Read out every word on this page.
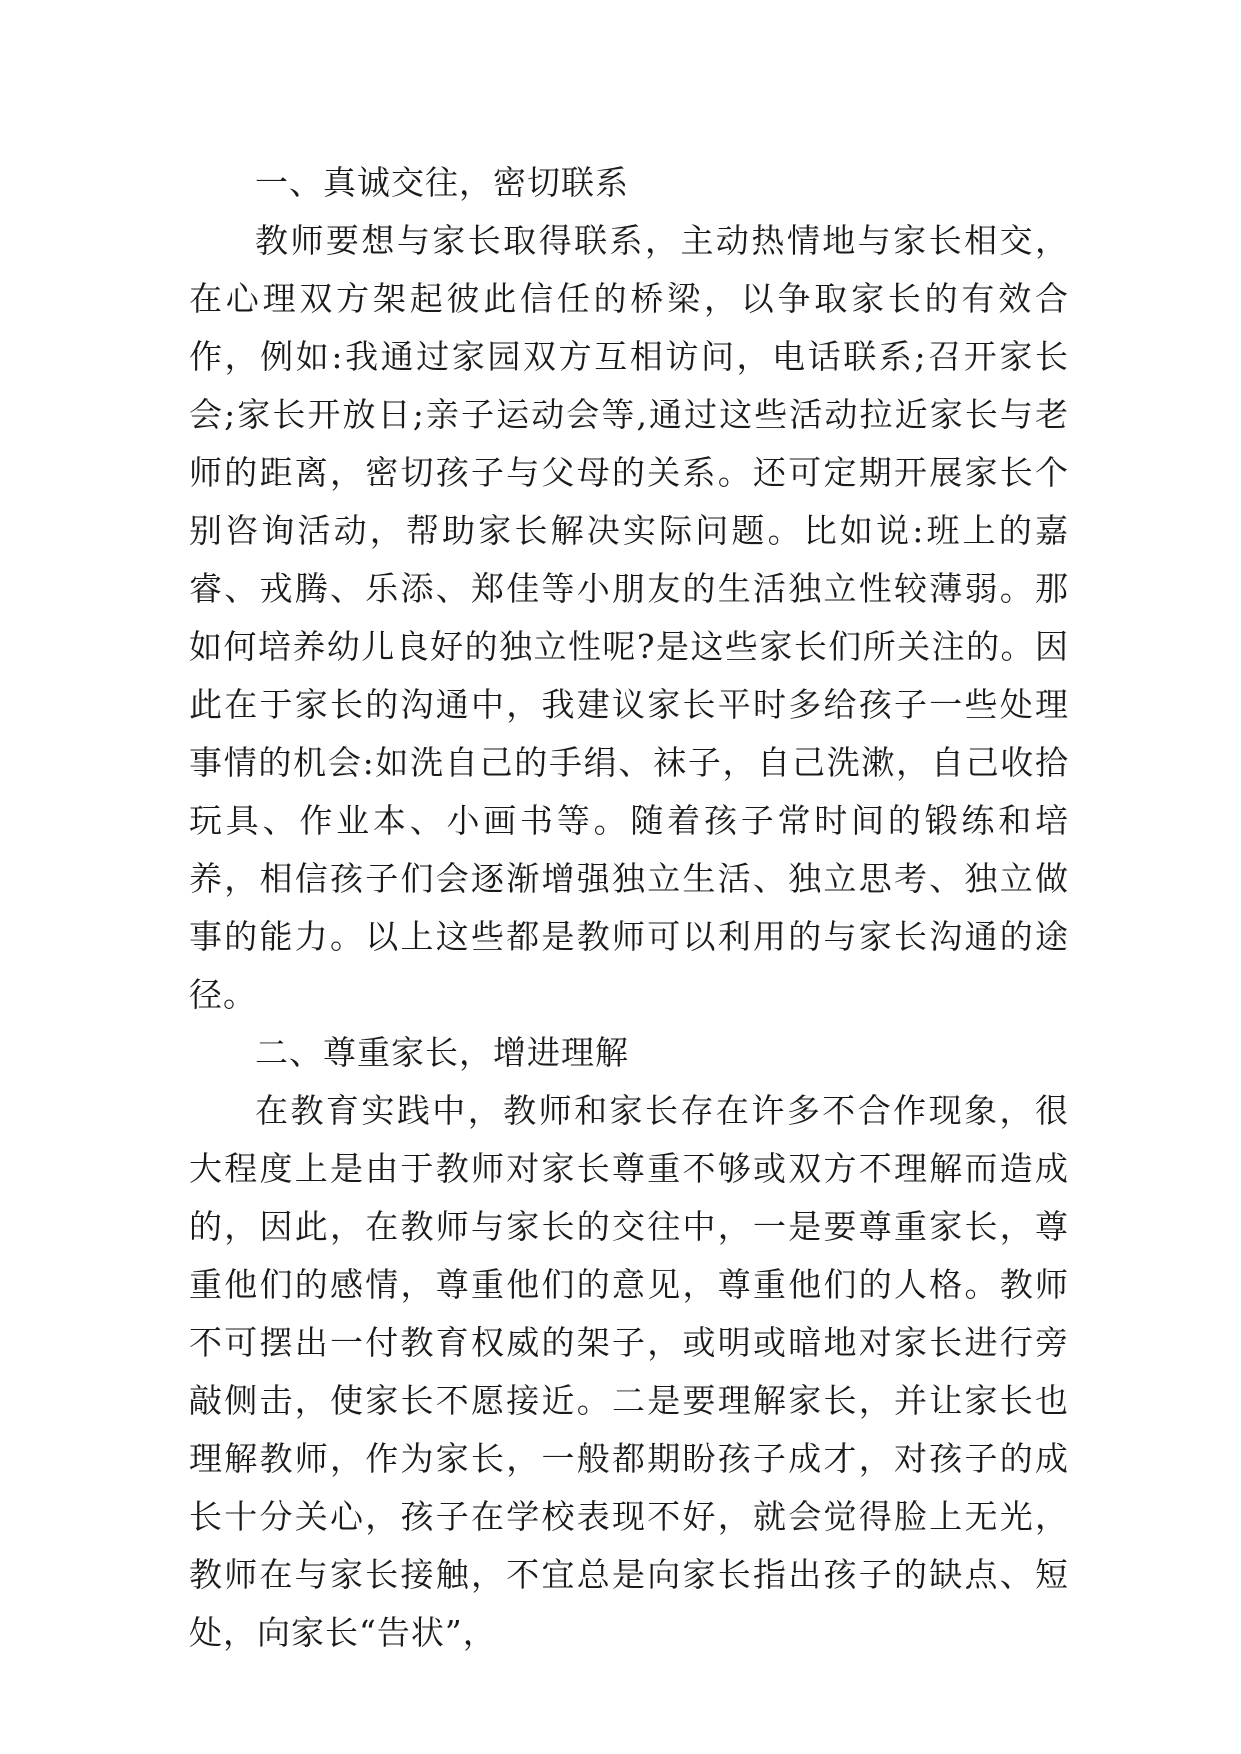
一、真诚交往，密切联系

教师要想与家长取得联系，主动热情地与家长相交，在心理双方架起彼此信任的桥梁，以争取家长的有效合作，例如:我通过家园双方互相访问，电话联系;召开家长会;家长开放日;亲子运动会等,通过这些活动拉近家长与老师的距离，密切孩子与父母的关系。还可定期开展家长个别咨询活动，帮助家长解决实际问题。比如说:班上的嘉睿、戎腾、乐添、郑佳等小朋友的生活独立性较薄弱。那如何培养幼儿良好的独立性呢?是这些家长们所关注的。因此在于家长的沟通中，我建议家长平时多给孩子一些处理事情的机会:如洗自己的手绢、袜子，自己洗漱，自己收拾玩具、作业本、小画书等。随着孩子常时间的锻练和培养，相信孩子们会逐渐增强独立生活、独立思考、独立做事的能力。以上这些都是教师可以利用的与家长沟通的途径。

二、尊重家长，增进理解

在教育实践中，教师和家长存在许多不合作现象，很大程度上是由于教师对家长尊重不够或双方不理解而造成的，因此，在教师与家长的交往中，一是要尊重家长，尊重他们的感情，尊重他们的意见，尊重他们的人格。教师不可摆出一付教育权威的架子，或明或暗地对家长进行旁敲侧击，使家长不愿接近。二是要理解家长，并让家长也理解教师，作为家长，一般都期盼孩子成才，对孩子的成长十分关心，孩子在学校表现不好，就会觉得脸上无光，教师在与家长接触，不宜总是向家长指出孩子的缺点、短处，向家长“告状”，
